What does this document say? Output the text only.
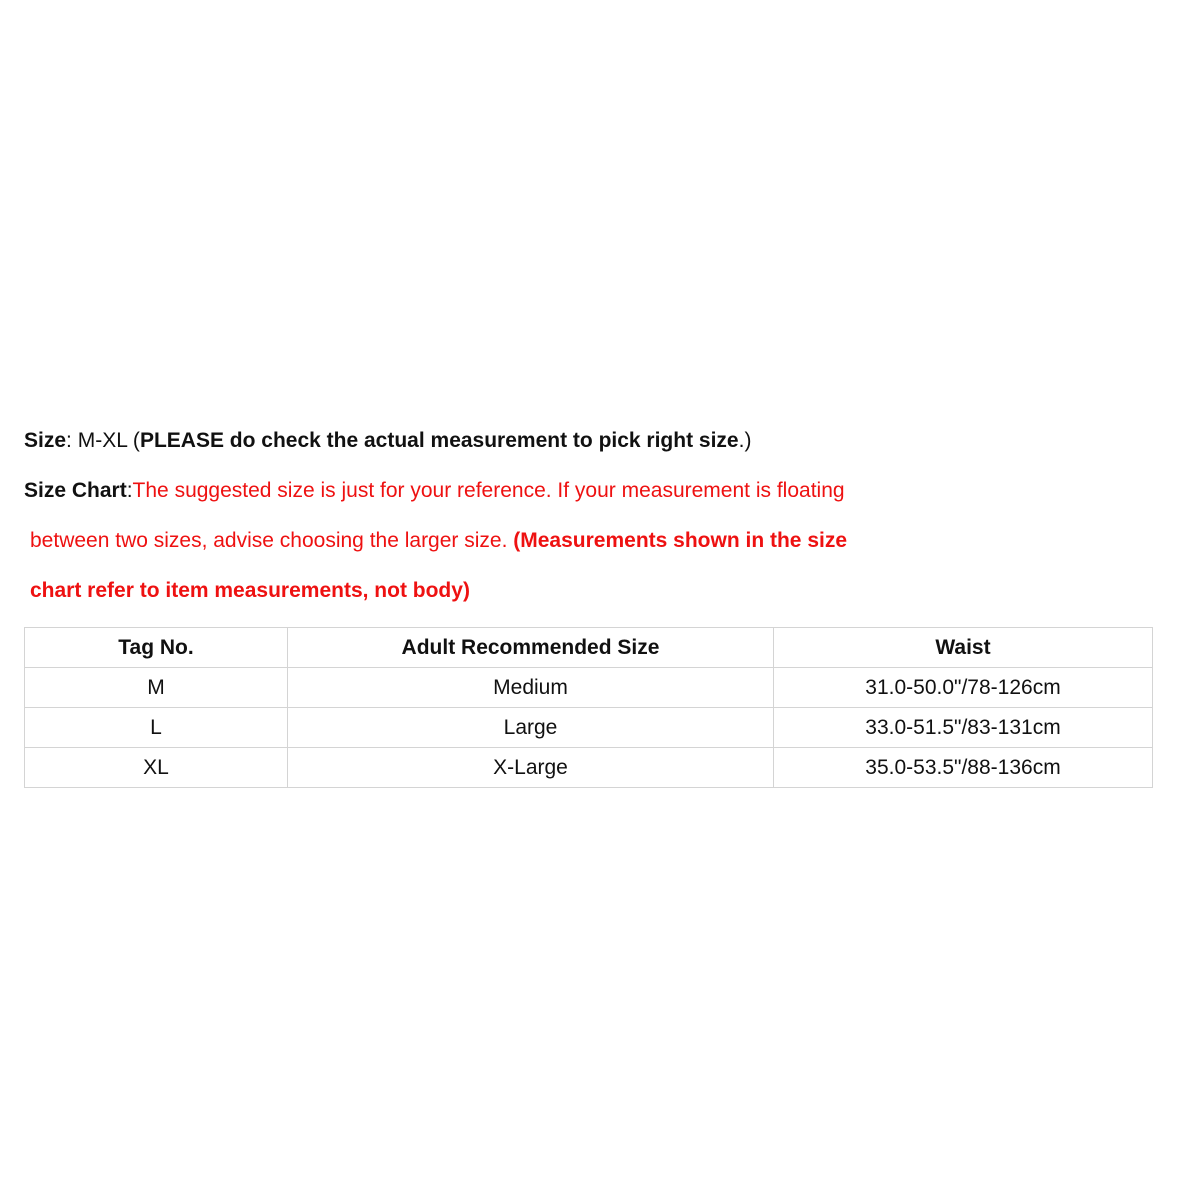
Size: M-XL (PLEASE do check the actual measurement to pick right size.)

Size Chart:The suggested size is just for your reference. If your measurement is floating

between two sizes, advise choosing the larger size. (Measurements shown in the size

chart refer to item measurements, not body)

Tag No.	Adult Recommended Size	Waist
M	Medium	31.0-50.0"/78-126cm
L	Large	33.0-51.5"/83-131cm
XL	X-Large	35.0-53.5"/88-136cm
